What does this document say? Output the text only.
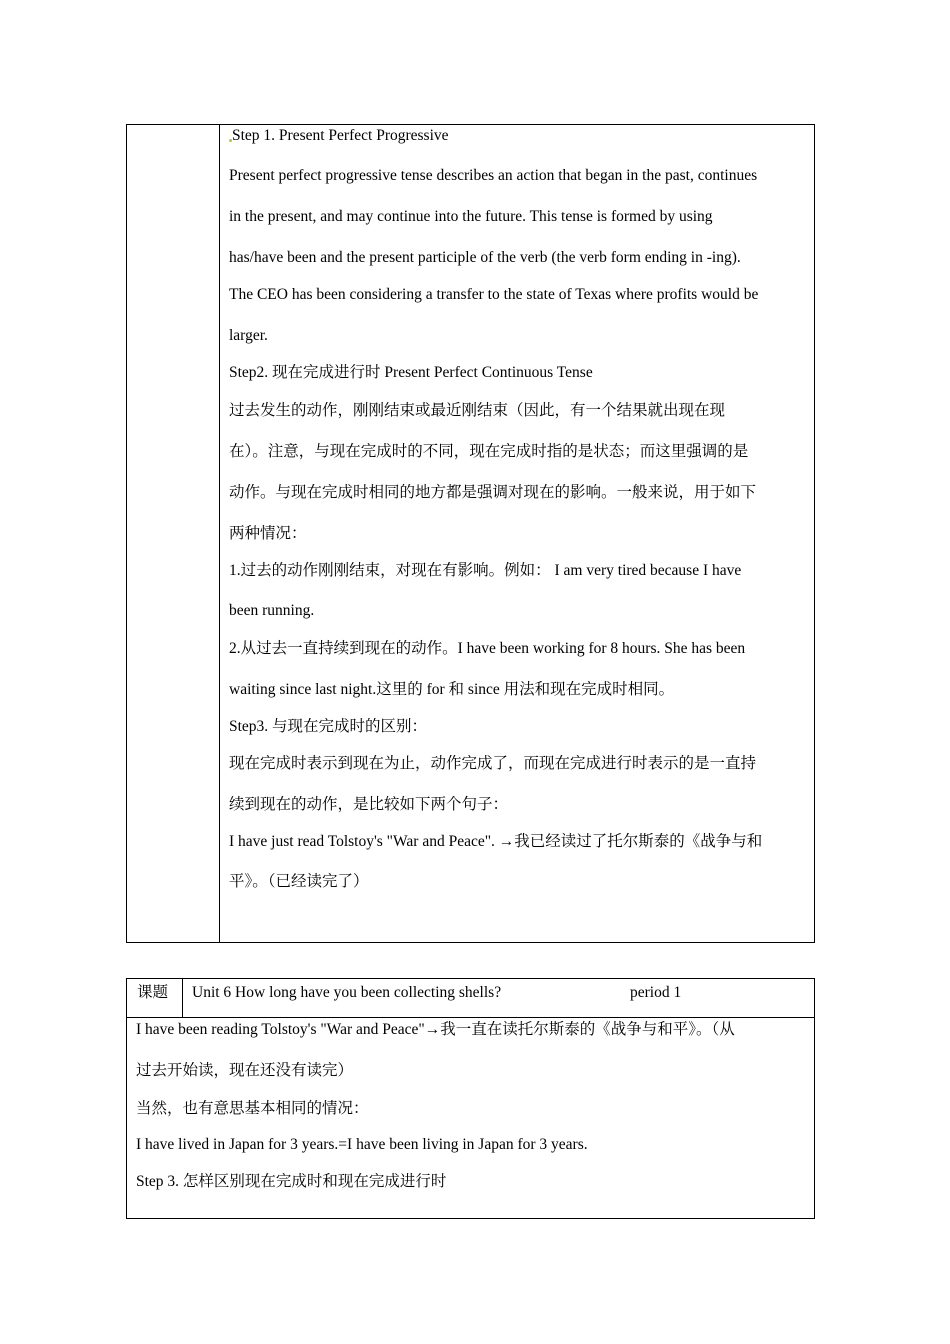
Step 1. Present Perfect Progressive
Present perfect progressive tense describes an action that began in the past, continues
in the present, and may continue into the future. This tense is formed by using
has/have been and the present participle of the verb (the verb form ending in -ing).
The CEO has been considering a transfer to the state of Texas where profits would be
larger.
Step2. 现在完成进行时 Present Perfect Continuous Tense
过去发生的动作，刚刚结束或最近刚结束（因此，有一个结果就出现在现
在）。注意，与现在完成时的不同，现在完成时指的是状态；而这里强调的是
动作。与现在完成时相同的地方都是强调对现在的影响。一般来说，用于如下
两种情况：
1.过去的动作刚刚结束，对现在有影响。例如： I am very tired because I have
been running.
2.从过去一直持续到现在的动作。I have been working for 8 hours. She has been
waiting since last night.这里的 for 和 since 用法和现在完成时相同。
Step3. 与现在完成时的区别：
现在完成时表示到现在为止，动作完成了，而现在完成进行时表示的是一直持
续到现在的动作，是比较如下两个句子：
I have just read Tolstoy's "War and Peace". →我已经读过了托尔斯泰的《战争与和
平》。（已经读完了）
课题	Unit 6 How long have you been collecting shells?	period 1
I have been reading Tolstoy's "War and Peace"→我一直在读托尔斯泰的《战争与和平》。（从
过去开始读，现在还没有读完）
当然，也有意思基本相同的情况：
I have lived in Japan for 3 years.=I have been living in Japan for 3 years.
Step 3. 怎样区别现在完成时和现在完成进行时
